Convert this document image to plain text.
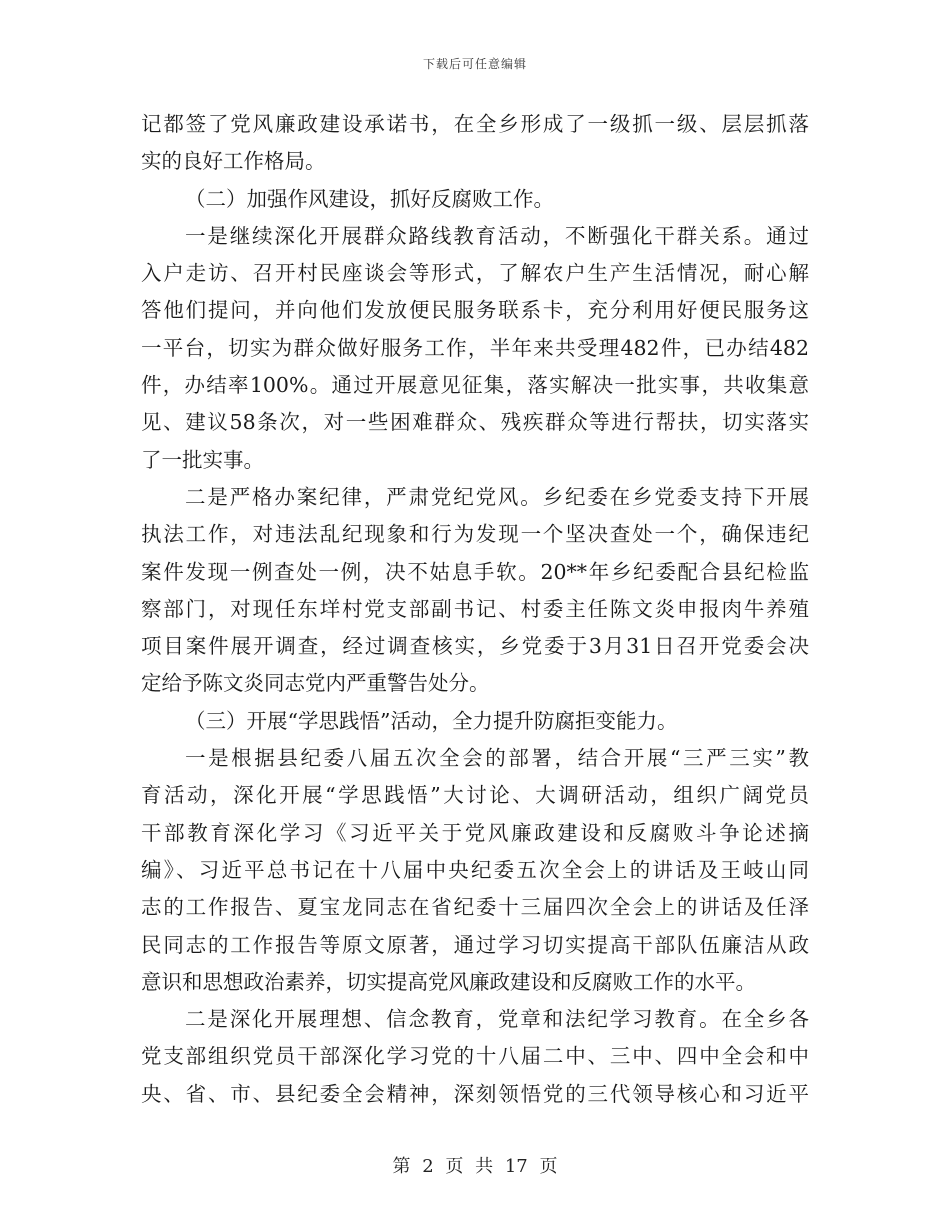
下载后可任意编辑
记都签了党风廉政建设承诺书，在全乡形成了一级抓一级、层层抓落
实的良好工作格局。
（二）加强作风建设，抓好反腐败工作。
一是继续深化开展群众路线教育活动，不断强化干群关系。通过
入户走访、召开村民座谈会等形式，了解农户生产生活情况，耐心解
答他们提问，并向他们发放便民服务联系卡，充分利用好便民服务这
一平台，切实为群众做好服务工作，半年来共受理482件，已办结482
件，办结率100%。通过开展意见征集，落实解决一批实事，共收集意
见、建议58条次，对一些困难群众、残疾群众等进行帮扶，切实落实
了一批实事。
二是严格办案纪律，严肃党纪党风。乡纪委在乡党委支持下开展
执法工作，对违法乱纪现象和行为发现一个坚决查处一个，确保违纪
案件发现一例查处一例，决不姑息手软。20**年乡纪委配合县纪检监
察部门，对现任东垟村党支部副书记、村委主任陈文炎申报肉牛养殖
项目案件展开调查，经过调查核实，乡党委于3月31日召开党委会决
定给予陈文炎同志党内严重警告处分。
（三）开展“学思践悟”活动，全力提升防腐拒变能力。
一是根据县纪委八届五次全会的部署，结合开展“三严三实”教
育活动，深化开展“学思践悟”大讨论、大调研活动，组织广阔党员
干部教育深化学习《习近平关于党风廉政建设和反腐败斗争论述摘
编》、习近平总书记在十八届中央纪委五次全会上的讲话及王岐山同
志的工作报告、夏宝龙同志在省纪委十三届四次全会上的讲话及任泽
民同志的工作报告等原文原著，通过学习切实提高干部队伍廉洁从政
意识和思想政治素养，切实提高党风廉政建设和反腐败工作的水平。
二是深化开展理想、信念教育，党章和法纪学习教育。在全乡各
党支部组织党员干部深化学习党的十八届二中、三中、四中全会和中
央、省、市、县纪委全会精神，深刻领悟党的三代领导核心和习近平
第 2 页 共 17 页
